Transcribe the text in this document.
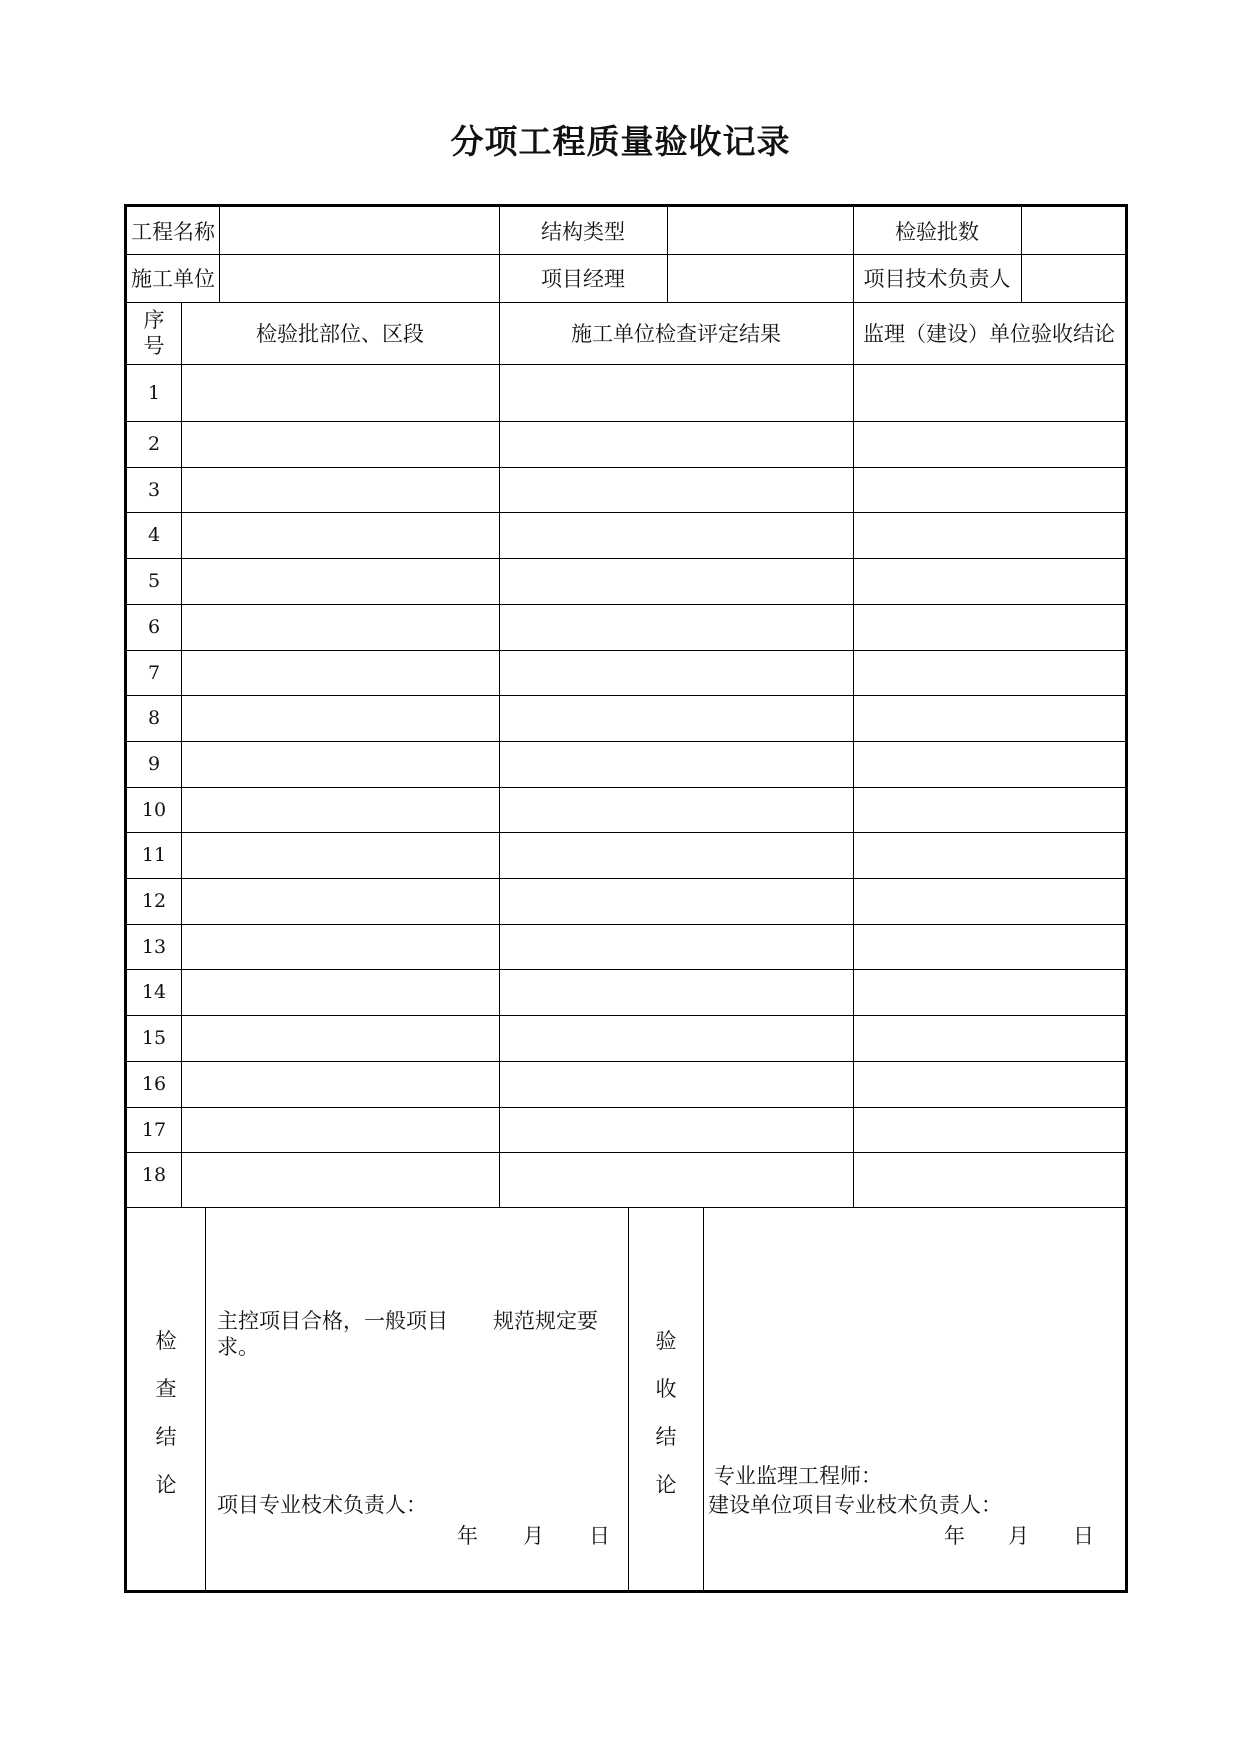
分项工程质量验收记录
工程名称	结构类型	检验批数
施工单位	项目经理	项目技术负责人
序
号	检验批部位、区段	施工单位检查评定结果	监理（建设）单位验收结论
1
2
3
4
5
6
7
8
9
10
11
12
13
14
15
16
17
18
检
查
结
论
主控项目合格，一般项目 规范规定要
求。
项目专业枝术负责人：
年 月 日
验
收
结
论	专业监理工程师：
建设单位项目专业枝术负责人：
年 月 日
